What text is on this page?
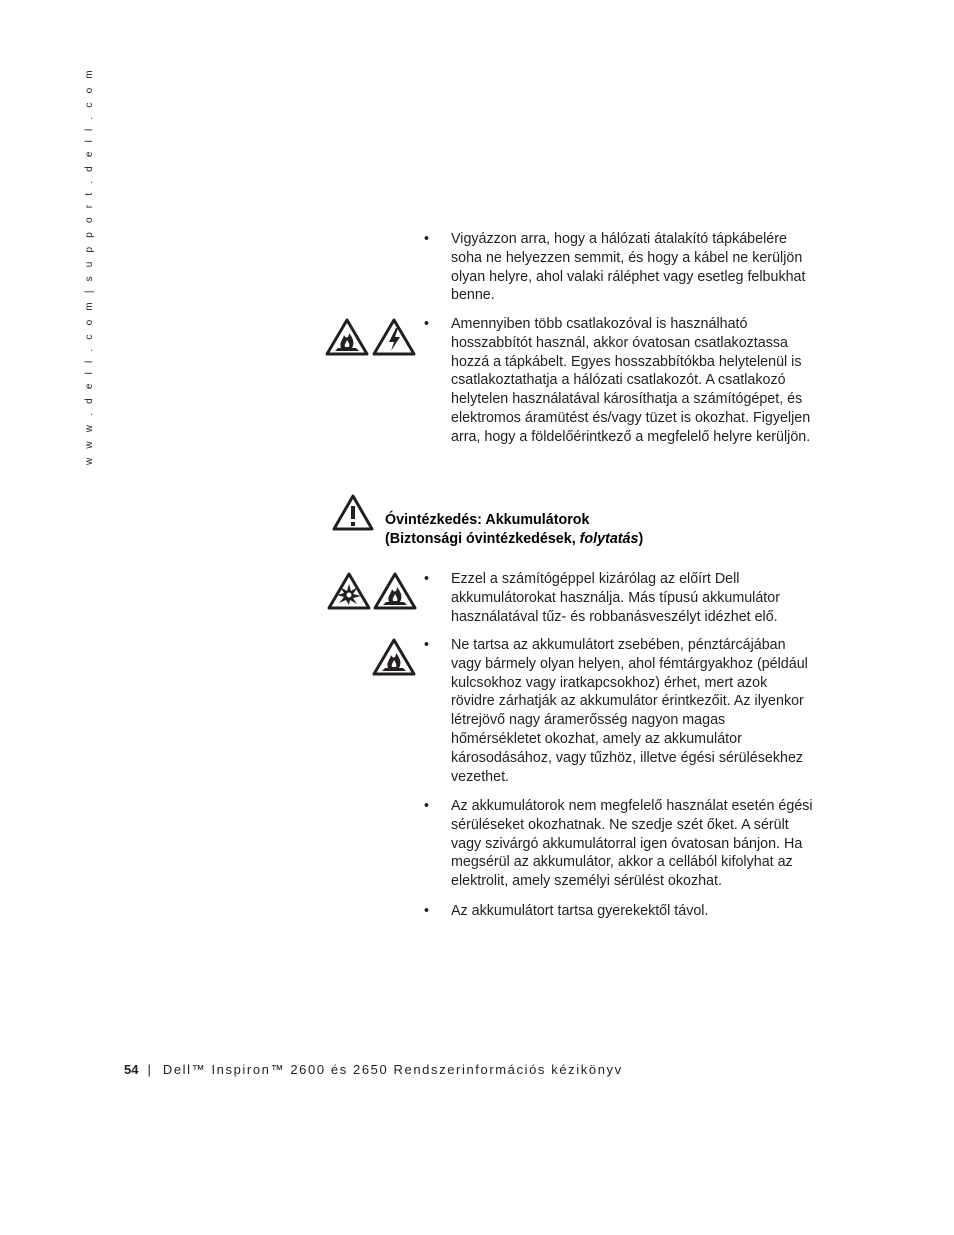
w w w . d e l l . c o m | s u p p o r t . d e l l . c o m	• Vigyázzon arra, hogy a hálózati átalakító tápkábelére soha ne helyezzen semmit, és hogy a kábel ne kerüljön olyan helyre, ahol valaki ráléphet vagy esetleg felbukhat benne.
• Amennyiben több csatlakozóval is használható hosszabbítót használ, akkor óvatosan csatlakoztassa hozzá a tápkábelt. Egyes hosszabbítókba helytelenül is csatlakoztathatja a hálózati csatlakozót. A csatlakozó helytelen használatával károsíthatja a számítógépet, és elektromos áramütést és/vagy tüzet is okozhat. Figyeljen arra, hogy a földelőérintkező a megfelelő helyre kerüljön.
Óvintézkedés: Akkumulátorok
(Biztonsági óvintézkedések, folytatás)
• Ezzel a számítógéppel kizárólag az előírt Dell akkumulátorokat használja. Más típusú akkumulátor használatával tűz- és robbanásveszélyt idézhet elő.
• Ne tartsa az akkumulátort zsebében, pénztárcájában vagy bármely olyan helyen, ahol fémtárgyakhoz (például kulcsokhoz vagy iratkapcsokhoz) érhet, mert azok rövidre zárhatják az akkumulátor érintkezőit. Az ilyenkor létrejövő nagy áramerősség nagyon magas hőmérsékletet okozhat, amely az akkumulátor károsodásához, vagy tűzhöz, illetve égési sérülésekhez vezethet.
• Az akkumulátorok nem megfelelő használat esetén égési sérüléseket okozhatnak. Ne szedje szét őket. A sérült vagy szivárgó akkumulátorral igen óvatosan bánjon. Ha megsérül az akkumulátor, akkor a cellából kifolyhat az elektrolit, amely személyi sérülést okozhat.
• Az akkumulátort tartsa gyerekektől távol.
54 | Dell™ Inspiron™ 2600 és 2650 Rendszerinformációs kézikönyv
